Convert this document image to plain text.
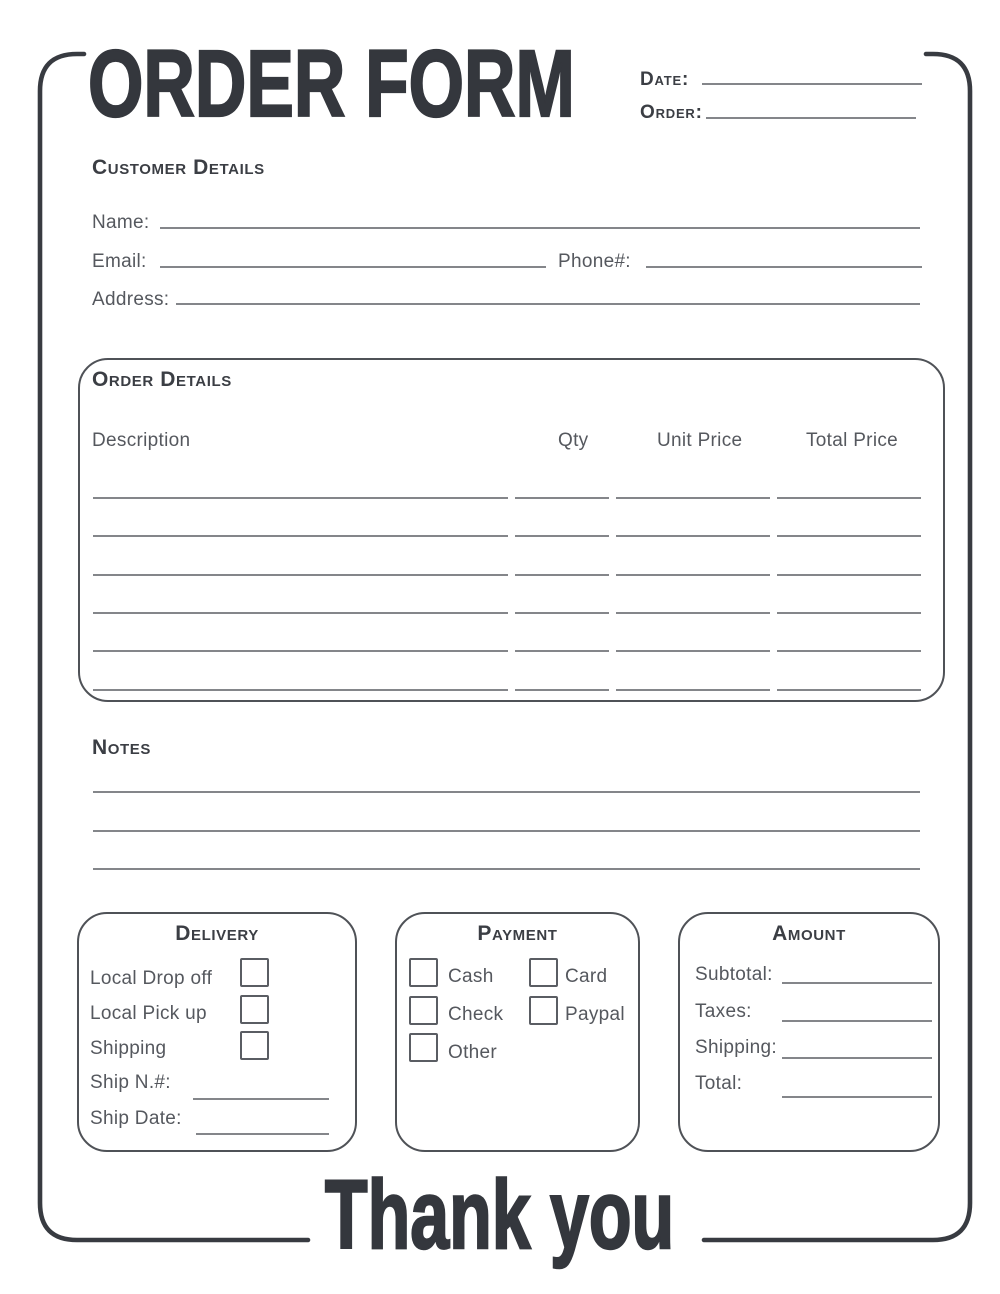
ORDER FORM	Date:
Order:
Customer Details
Name:
Email:	Phone#:
Address:
Order Details
Description	Qty	Unit Price	Total Price
Notes
Delivery
Local Drop off
Local Pick up
Shipping
Ship N.#:
Ship Date:
Payment
Cash	Card
Check	Paypal
Other
Amount
Subtotal:
Taxes:
Shipping:
Total:
Thank you
